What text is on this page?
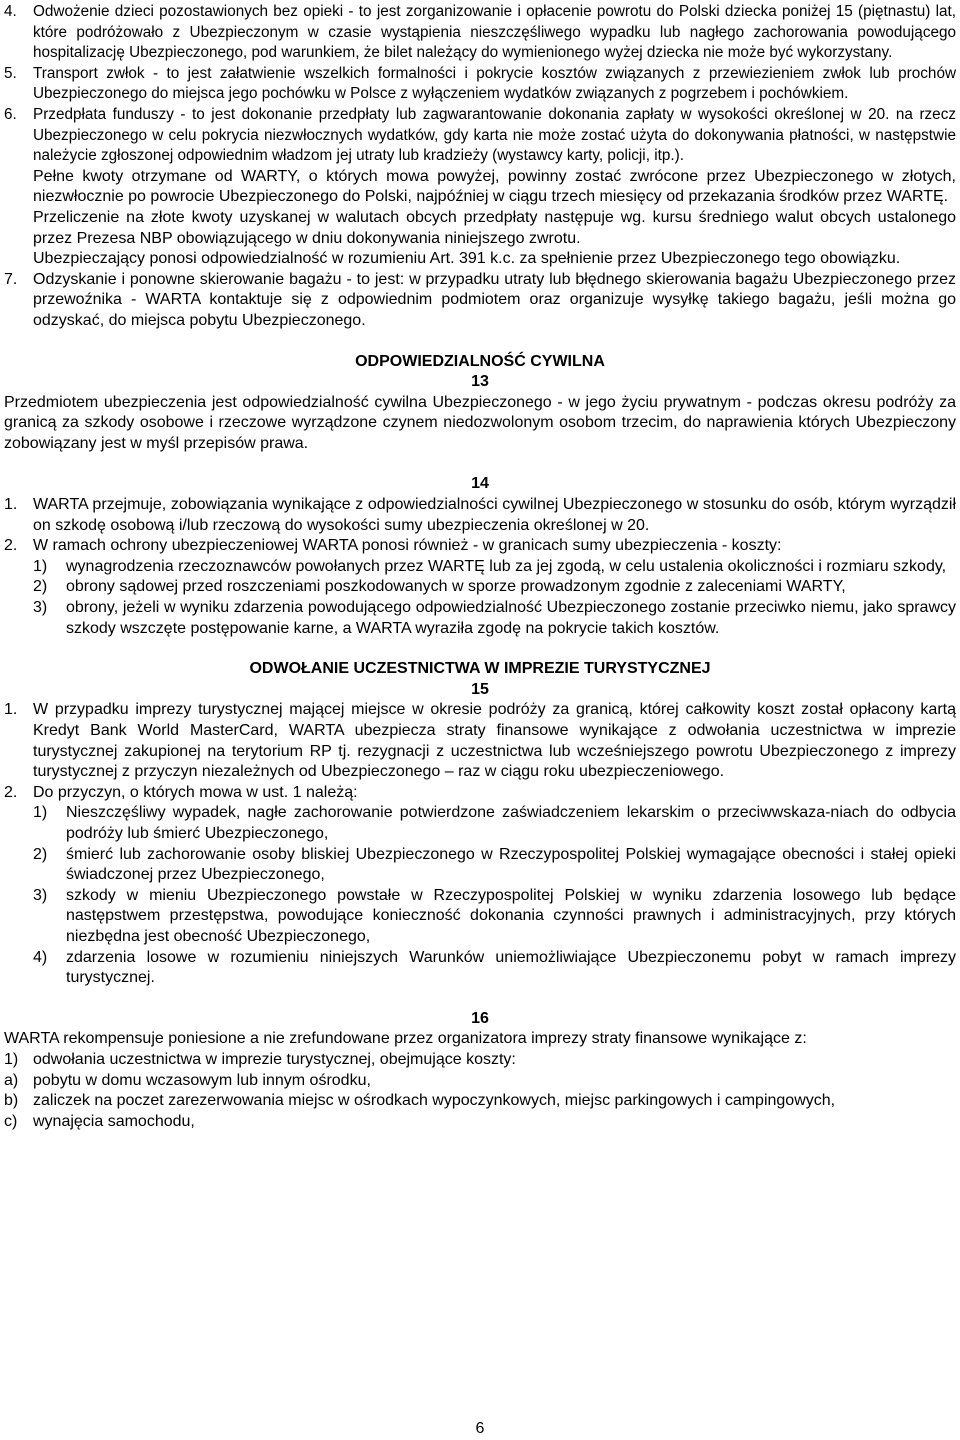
4.	Odwożenie dzieci pozostawionych bez opieki - to jest zorganizowanie i opłacenie powrotu do Polski dziecka poniżej 15 (piętnastu) lat, które podróżowało z Ubezpieczonym w czasie wystąpienia nieszczęśliwego wypadku lub nagłego zachorowania powodującego hospitalizację Ubezpieczonego, pod warunkiem, że bilet należący do wymienionego wyżej dziecka nie może być wykorzystany.
5.	Transport zwłok - to jest załatwienie wszelkich formalności i pokrycie kosztów związanych z przewiezieniem zwłok lub prochów Ubezpieczonego do miejsca jego pochówku w Polsce z wyłączeniem wydatków związanych z pogrzebem i pochówkiem.
6.	Przedpłata funduszy - to jest dokonanie przedpłaty lub zagwarantowanie dokonania zapłaty w wysokości określonej w 20. na rzecz Ubezpieczonego w celu pokrycia niezwłocznych wydatków, gdy karta nie może zostać użyta do dokonywania płatności, w następstwie należycie zgłoszonej odpowiednim władzom jej utraty lub kradzieży (wystawcy karty, policji, itp.).
Pełne kwoty otrzymane od WARTY, o których mowa powyżej, powinny zostać zwrócone przez Ubezpieczonego w złotych, niezwłocznie po powrocie Ubezpieczonego do Polski, najpóźniej w ciągu trzech miesięcy od przekazania środków przez WARTĘ.
Przeliczenie na złote kwoty uzyskanej w walutach obcych przedpłaty następuje wg. kursu średniego walut obcych ustalonego przez Prezesa NBP obowiązującego w dniu dokonywania niniejszego zwrotu.
Ubezpieczający ponosi odpowiedzialność w rozumieniu Art. 391 k.c. za spełnienie przez Ubezpieczonego tego obowiązku.
7. Odzyskanie i ponowne skierowanie bagażu - to jest: w przypadku utraty lub błędnego skierowania bagażu Ubezpieczonego przez przewoźnika - WARTA kontaktuje się z odpowiednim podmiotem oraz organizuje wysyłkę takiego bagażu, jeśli można go odzyskać, do miejsca pobytu Ubezpieczonego.
ODPOWIEDZIALNOŚĆ CYWILNA
13
Przedmiotem ubezpieczenia jest odpowiedzialność cywilna Ubezpieczonego - w jego życiu prywatnym - podczas okresu podróży za granicą za szkody osobowe i rzeczowe wyrządzone czynem niedozwolonym osobom trzecim, do naprawienia których Ubezpieczony zobowiązany jest w myśl przepisów prawa.
14
1. WARTA przejmuje, zobowiązania wynikające z odpowiedzialności cywilnej Ubezpieczonego w stosunku do osób, którym wyrządził on szkodę osobową i/lub rzeczową do wysokości sumy ubezpieczenia określonej w 20.
2. W ramach ochrony ubezpieczeniowej WARTA ponosi również - w granicach sumy ubezpieczenia - koszty:
1)	wynagrodzenia rzeczoznawców powołanych przez WARTĘ lub za jej zgodą, w celu ustalenia okoliczności i rozmiaru szkody,
2)	obrony sądowej przed roszczeniami poszkodowanych w sporze prowadzonym zgodnie z zaleceniami WARTY,
3)	obrony, jeżeli w wyniku zdarzenia powodującego odpowiedzialność Ubezpieczonego zostanie przeciwko niemu, jako sprawcy szkody wszczęte postępowanie karne, a WARTA wyraziła zgodę na pokrycie takich kosztów.
ODWOŁANIE UCZESTNICTWA W IMPREZIE TURYSTYCZNEJ
15
1. W przypadku imprezy turystycznej mającej miejsce w okresie podróży za granicą, której całkowity koszt został opłacony kartą Kredyt Bank World MasterCard, WARTA ubezpiecza straty finansowe wynikające z odwołania uczestnictwa w imprezie turystycznej zakupionej na terytorium RP tj. rezygnacji z uczestnictwa lub wcześniejszego powrotu Ubezpieczonego z imprezy turystycznej z przyczyn niezależnych od Ubezpieczonego – raz w ciągu roku ubezpieczeniowego.
2. Do przyczyn, o których mowa w ust. 1 należą:
1)	Nieszczęśliwy wypadek, nagłe zachorowanie potwierdzone zaświadczeniem lekarskim o przeciwwskaza-niach do odbycia podróży lub śmierć Ubezpieczonego,
2)	śmierć lub zachorowanie osoby bliskiej Ubezpieczonego w Rzeczypospolitej Polskiej wymagające obecności i stałej opieki świadczonej przez Ubezpieczonego,
3)	szkody w mieniu Ubezpieczonego powstałe w Rzeczypospolitej Polskiej w wyniku zdarzenia losowego lub będące następstwem przestępstwa, powodujące konieczność dokonania czynności prawnych i administracyjnych, przy których niezbędna jest obecność Ubezpieczonego,
4)	zdarzenia losowe w rozumieniu niniejszych Warunków uniemożliwiające Ubezpieczonemu pobyt w ramach imprezy turystycznej.
16
WARTA rekompensuje poniesione a nie zrefundowane przez organizatora imprezy straty finansowe wynikające z:
1) odwołania uczestnictwa w imprezie turystycznej, obejmujące koszty:
a) pobytu w domu wczasowym lub innym ośrodku,
b) zaliczek na poczet zarezerwowania miejsc w ośrodkach wypoczynkowych, miejsc parkingowych i campingowych,
c) wynajęcia samochodu,
6
